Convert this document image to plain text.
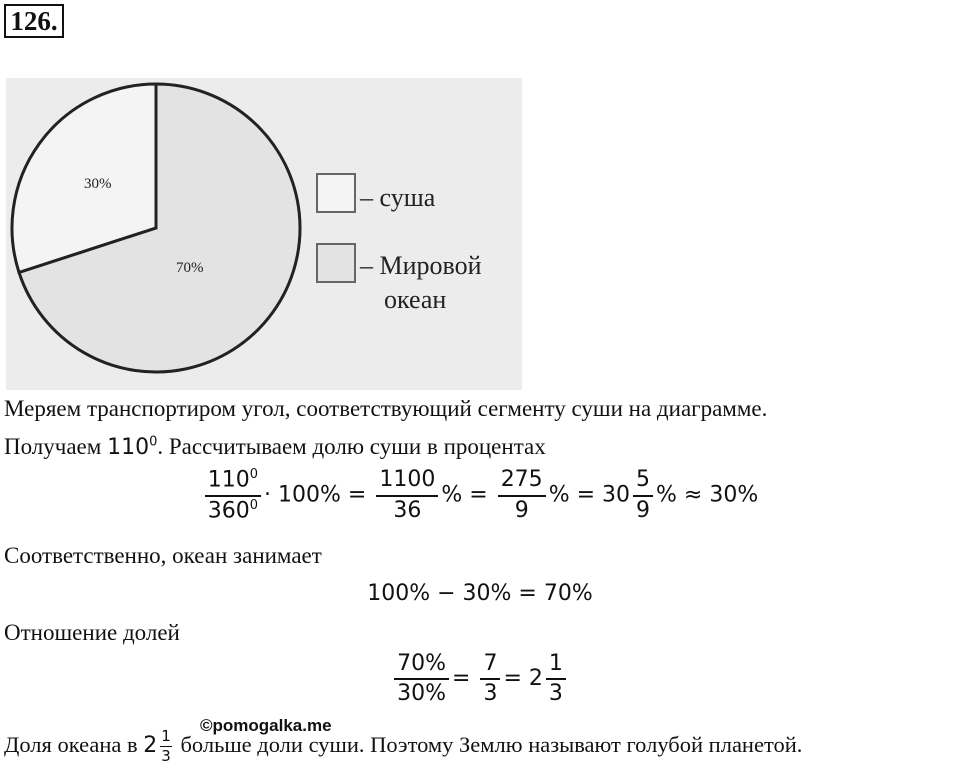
126.
30%
70%
– суша
– Мировой
океан
Меряем транспортиром угол, соответствующий сегменту суши на диаграмме.
Получаем $110^0$. Рассчитываем долю суши в процентах
$\frac{110^0}{360^0} \cdot 100\% = \frac{1100}{36}$ % = $\frac{275}{9}$ % = $30 \frac{5}{9}$ % ≈ 30%
Соответственно, океан занимает
100% − 30% = 70%
Отношение долей
$\frac{70\%}{30\%} = \frac{7}{3} = 2 \frac{1}{3}$
©pomogalka.me
Доля океана в $2 \frac{1}{3}$ больше доли суши. Поэтому Землю называют голубой планетой.
